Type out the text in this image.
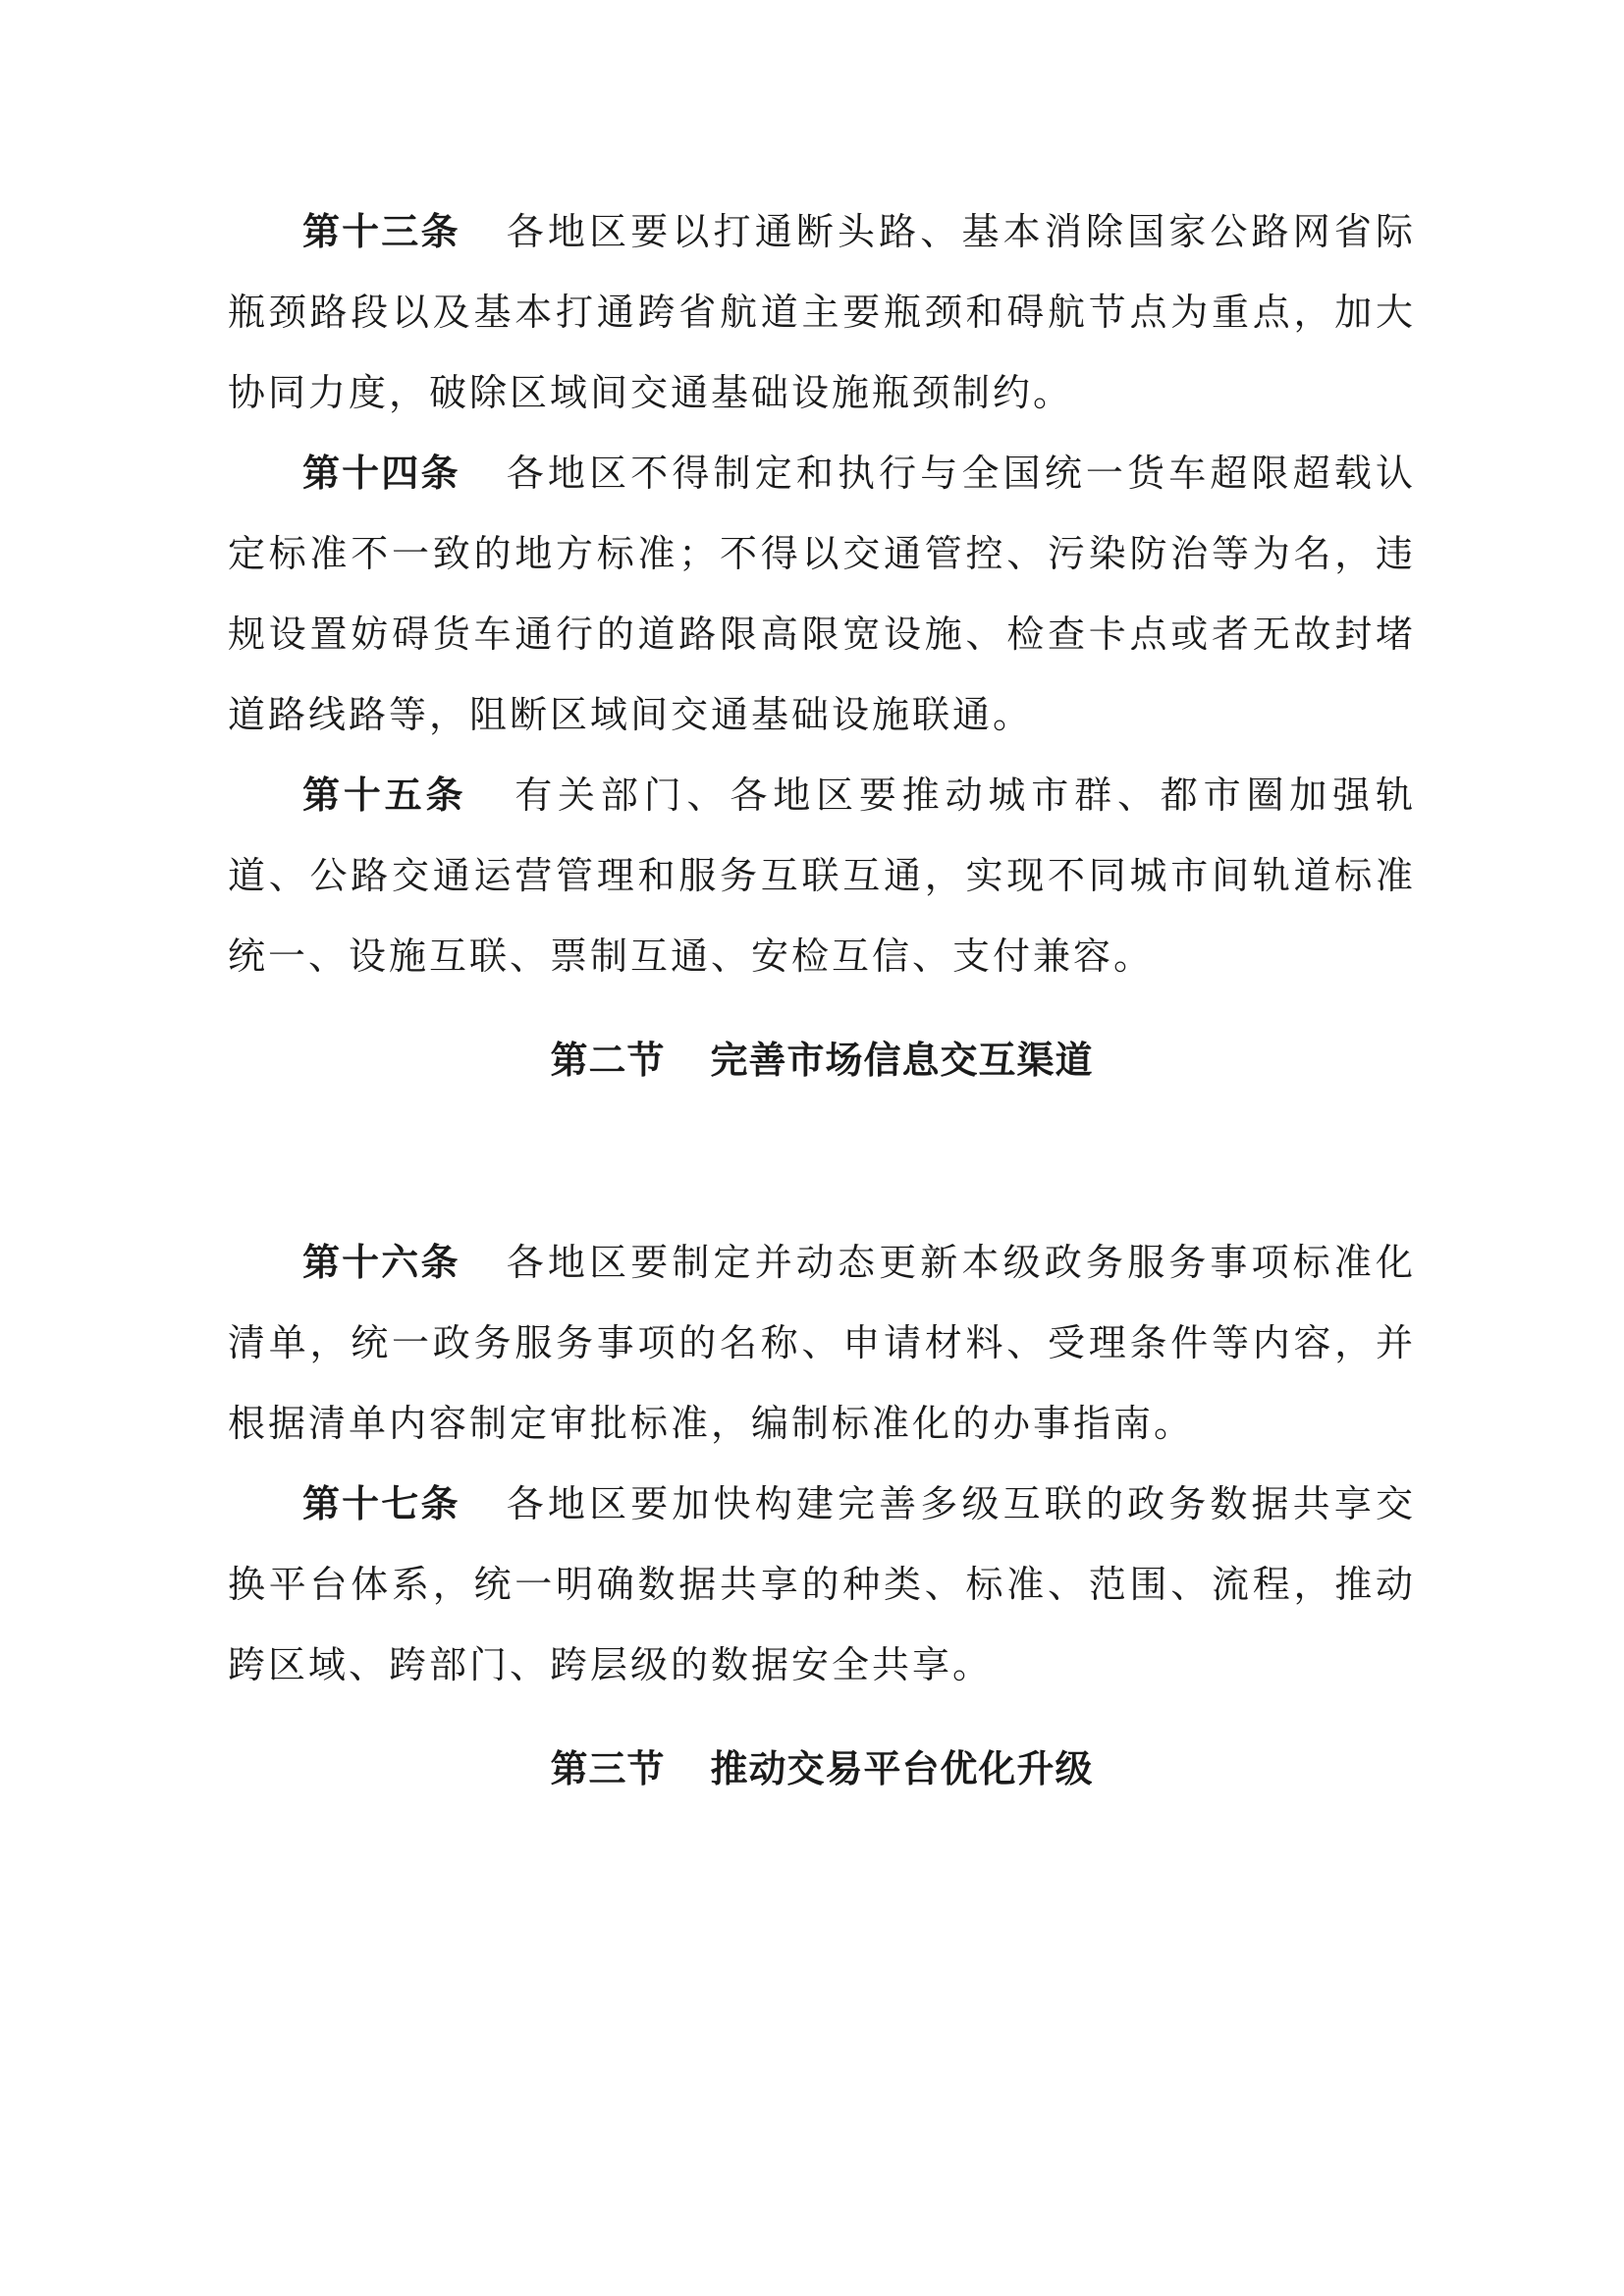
第十三条 各地区要以打通断头路、基本消除国家公路网省际瓶颈路段以及基本打通跨省航道主要瓶颈和碍航节点为重点，加大协同力度，破除区域间交通基础设施瓶颈制约。

第十四条 各地区不得制定和执行与全国统一货车超限超载认定标准不一致的地方标准；不得以交通管控、污染防治等为名，违规设置妨碍货车通行的道路限高限宽设施、检查卡点或者无故封堵道路线路等，阻断区域间交通基础设施联通。

第十五条 有关部门、各地区要推动城市群、都市圈加强轨道、公路交通运营管理和服务互联互通，实现不同城市间轨道标准统一、设施互联、票制互通、安检互信、支付兼容。

第二节 完善市场信息交互渠道

第十六条 各地区要制定并动态更新本级政务服务事项标准化清单，统一政务服务事项的名称、申请材料、受理条件等内容，并根据清单内容制定审批标准，编制标准化的办事指南。

第十七条 各地区要加快构建完善多级互联的政务数据共享交换平台体系，统一明确数据共享的种类、标准、范围、流程，推动跨区域、跨部门、跨层级的数据安全共享。

第三节 推动交易平台优化升级
